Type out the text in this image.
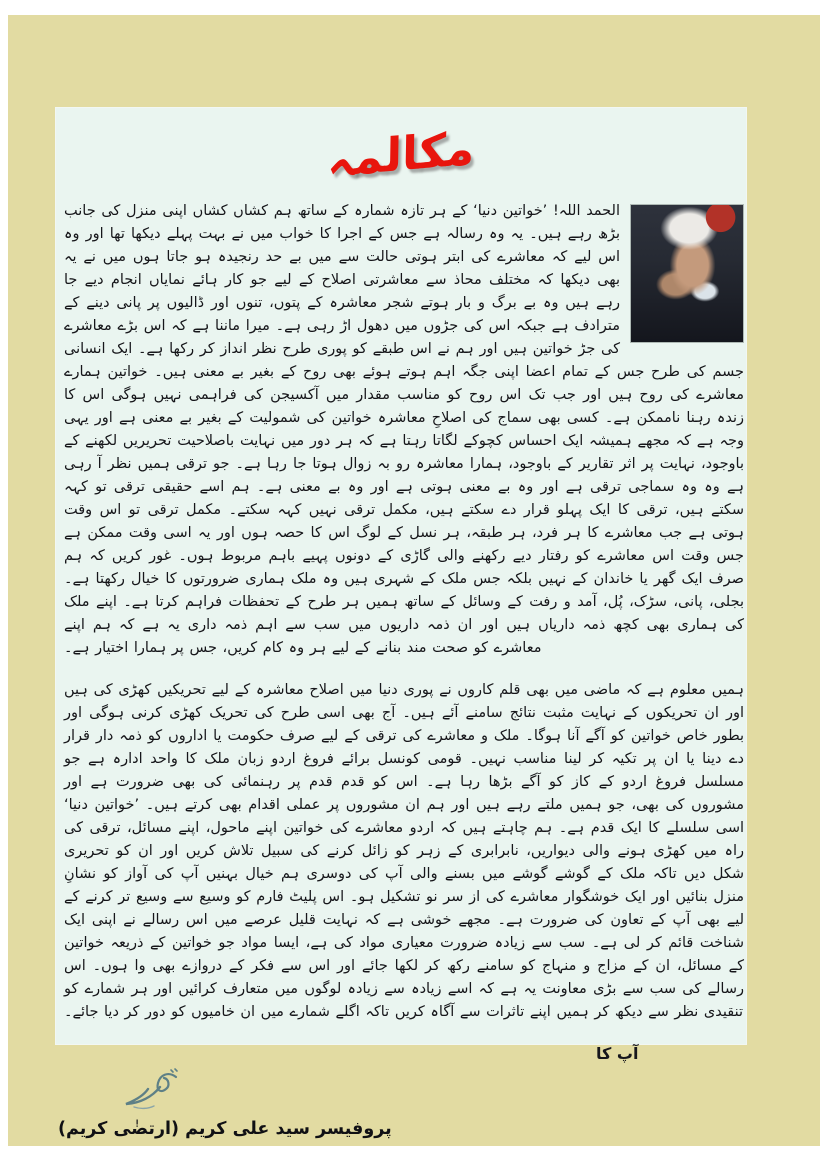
مکالمہ

الحمد اللہ! ’خواتین دنیا‘ کے ہر تازہ شمارہ کے ساتھ ہم کشاں کشاں اپنی منزل کی جانب بڑھ رہے ہیں۔ یہ وہ رسالہ ہے جس کے اجرا کا خواب میں نے بہت پہلے دیکھا تھا اور وہ اس لیے کہ معاشرے کی ابتر ہوتی حالت سے میں بے حد رنجیدہ ہو جاتا ہوں میں نے یہ بھی دیکھا کہ مختلف محاذ سے معاشرتی اصلاح کے لیے جو کار ہائے نمایاں انجام دیے جا رہے ہیں وہ بے برگ و بار ہوتے شجر معاشرہ کے پتوں، تنوں اور ڈالیوں پر پانی دینے کے مترادف ہے جبکہ اس کی جڑوں میں دھول اڑ رہی ہے۔ میرا ماننا ہے کہ اس بڑے معاشرے کی جڑ خواتین ہیں اور ہم نے اس طبقے کو پوری طرح نظر انداز کر رکھا ہے۔ ایک انسانی جسم کی طرح جس کے تمام اعضا اپنی جگہ اہم ہوتے ہوئے بھی روح کے بغیر بے معنی ہیں۔ خواتین ہمارے معاشرے کی روح ہیں اور جب تک اس روح کو مناسب مقدار میں آکسیجن کی فراہمی نہیں ہوگی اس کا زندہ رہنا ناممکن ہے۔ کسی بھی سماج کی اصلاحِ معاشرہ خواتین کی شمولیت کے بغیر بے معنی ہے اور یہی وجہ ہے کہ مجھے ہمیشہ ایک احساس کچوکے لگاتا رہتا ہے کہ ہر دور میں نہایت باصلاحیت تحریریں لکھنے کے باوجود، نہایت پر اثر تقاریر کے باوجود، ہمارا معاشرہ رو بہ زوال ہوتا جا رہا ہے۔ جو ترقی ہمیں نظر آ رہی ہے وہ وہ سماجی ترقی ہے اور وہ بے معنی ہوتی ہے اور وہ بے معنی ہے۔ ہم اسے حقیقی ترقی تو کہہ سکتے ہیں، ترقی کا ایک پہلو قرار دے سکتے ہیں، مکمل ترقی نہیں کہہ سکتے۔ مکمل ترقی تو اس وقت ہوتی ہے جب معاشرے کا ہر فرد، ہر طبقہ، ہر نسل کے لوگ اس کا حصہ ہوں اور یہ اسی وقت ممکن ہے جس وقت اس معاشرے کو رفتار دیے رکھنے والی گاڑی کے دونوں پہیے باہم مربوط ہوں۔ غور کریں کہ ہم صرف ایک گھر یا خاندان کے نہیں بلکہ جس ملک کے شہری ہیں وہ ملک ہماری ضرورتوں کا خیال رکھتا ہے۔ بجلی، پانی، سڑک، پُل، آمد و رفت کے وسائل کے ساتھ ہمیں ہر طرح کے تحفظات فراہم کرتا ہے۔ اپنے ملک کی ہماری بھی کچھ ذمہ داریاں ہیں اور ان ذمہ داریوں میں سب سے اہم ذمہ داری یہ ہے کہ ہم اپنے معاشرے کو صحت مند بنانے کے لیے ہر وہ کام کریں، جس پر ہمارا اختیار ہے۔

ہمیں معلوم ہے کہ ماضی میں بھی قلم کاروں نے پوری دنیا میں اصلاح معاشرہ کے لیے تحریکیں کھڑی کی ہیں اور ان تحریکوں کے نہایت مثبت نتائج سامنے آئے ہیں۔ آج بھی اسی طرح کی تحریک کھڑی کرنی ہوگی اور بطور خاص خواتین کو آگے آنا ہوگا۔ ملک و معاشرے کی ترقی کے لیے صرف حکومت یا اداروں کو ذمہ دار قرار دے دینا یا ان پر تکیہ کر لینا مناسب نہیں۔ قومی کونسل برائے فروغ اردو زبان ملک کا واحد ادارہ ہے جو مسلسل فروغ اردو کے کاز کو آگے بڑھا رہا ہے۔ اس کو قدم قدم پر رہنمائی کی بھی ضرورت ہے اور مشوروں کی بھی، جو ہمیں ملتے رہے ہیں اور ہم ان مشوروں پر عملی اقدام بھی کرتے ہیں۔ ’خواتین دنیا‘ اسی سلسلے کا ایک قدم ہے۔ ہم چاہتے ہیں کہ اردو معاشرے کی خواتین اپنے ماحول، اپنے مسائل، ترقی کی راہ میں کھڑی ہونے والی دیواریں، نابرابری کے زہر کو زائل کرنے کی سبیل تلاش کریں اور ان کو تحریری شکل دیں تاکہ ملک کے گوشے گوشے میں بسنے والی آپ کی دوسری ہم خیال بہنیں آپ کی آواز کو نشانِ منزل بنائیں اور ایک خوشگوار معاشرے کی از سر نو تشکیل ہو۔ اس پلیٹ فارم کو وسیع سے وسیع تر کرنے کے لیے بھی آپ کے تعاون کی ضرورت ہے۔ مجھے خوشی ہے کہ نہایت قلیل عرصے میں اس رسالے نے اپنی ایک شناخت قائم کر لی ہے۔ سب سے زیادہ ضرورت معیاری مواد کی ہے، ایسا مواد جو خواتین کے ذریعہ خواتین کے مسائل، ان کے مزاج و منہاج کو سامنے رکھ کر لکھا جائے اور اس سے فکر کے دروازے بھی وا ہوں۔ اس رسالے کی سب سے بڑی معاونت یہ ہے کہ اسے زیادہ سے زیادہ لوگوں میں متعارف کرائیں اور ہر شمارے کو تنقیدی نظر سے دیکھ کر ہمیں اپنے تاثرات سے آگاہ کریں تاکہ اگلے شمارے میں ان خامیوں کو دور کر دیا جائے۔

آپ کا
پروفیسر سید علی کریم (ارتضٰی کریم)
